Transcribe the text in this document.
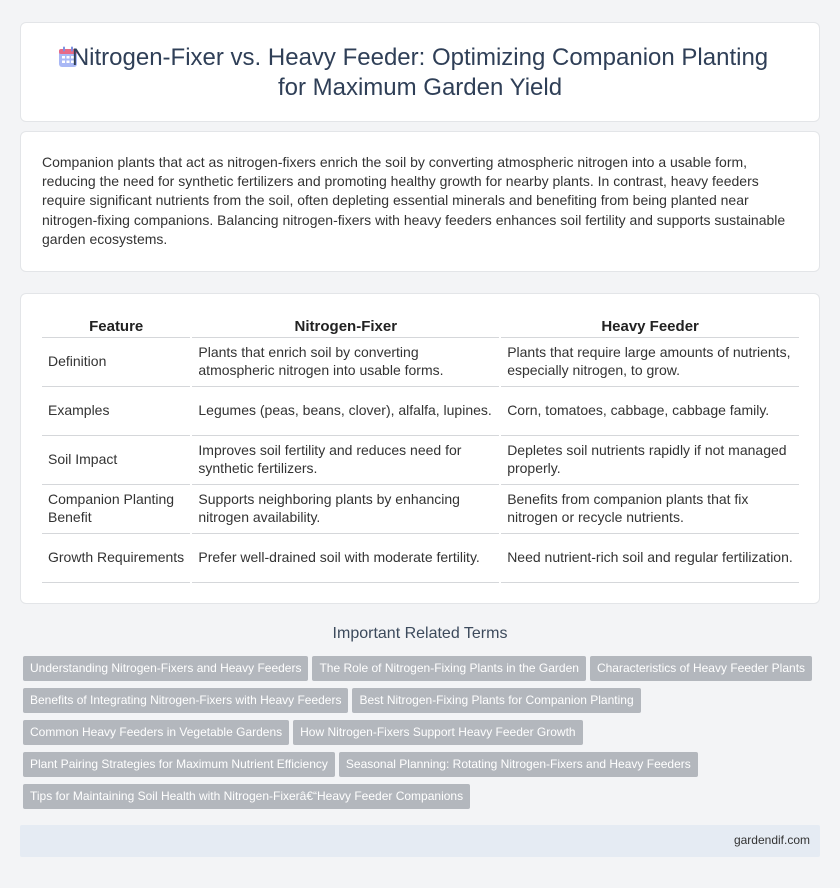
Nitrogen-Fixer vs. Heavy Feeder: Optimizing Companion Planting for Maximum Garden Yield

Companion plants that act as nitrogen-fixers enrich the soil by converting atmospheric nitrogen into a usable form, reducing the need for synthetic fertilizers and promoting healthy growth for nearby plants. In contrast, heavy feeders require significant nutrients from the soil, often depleting essential minerals and benefiting from being planted near nitrogen-fixing companions. Balancing nitrogen-fixers with heavy feeders enhances soil fertility and supports sustainable garden ecosystems.

Feature		Nitrogen-Fixer		Heavy Feeder
Definition		Plants that enrich soil by converting atmospheric nitrogen into usable forms.		Plants that require large amounts of nutrients, especially nitrogen, to grow.
Examples		Legumes (peas, beans, clover), alfalfa, lupines.		Corn, tomatoes, cabbage, cabbage family.
Soil Impact		Improves soil fertility and reduces need for synthetic fertilizers.		Depletes soil nutrients rapidly if not managed properly.
Companion Planting Benefit		Supports neighboring plants by enhancing nitrogen availability.		Benefits from companion plants that fix nitrogen or recycle nutrients.
Growth Requirements		Prefer well-drained soil with moderate fertility.		Need nutrient-rich soil and regular fertilization.
Important Related Terms
Understanding Nitrogen-Fixers and Heavy Feeders The Role of Nitrogen-Fixing Plants in the Garden Characteristics of Heavy Feeder Plants
Benefits of Integrating Nitrogen-Fixers with Heavy Feeders Best Nitrogen-Fixing Plants for Companion Planting
Common Heavy Feeders in Vegetable Gardens How Nitrogen-Fixers Support Heavy Feeder Growth
Plant Pairing Strategies for Maximum Nutrient Efficiency Seasonal Planning: Rotating Nitrogen-Fixers and Heavy Feeders
Tips for Maintaining Soil Health with Nitrogen-Fixerâ€“Heavy Feeder Companions
gardendif.com
